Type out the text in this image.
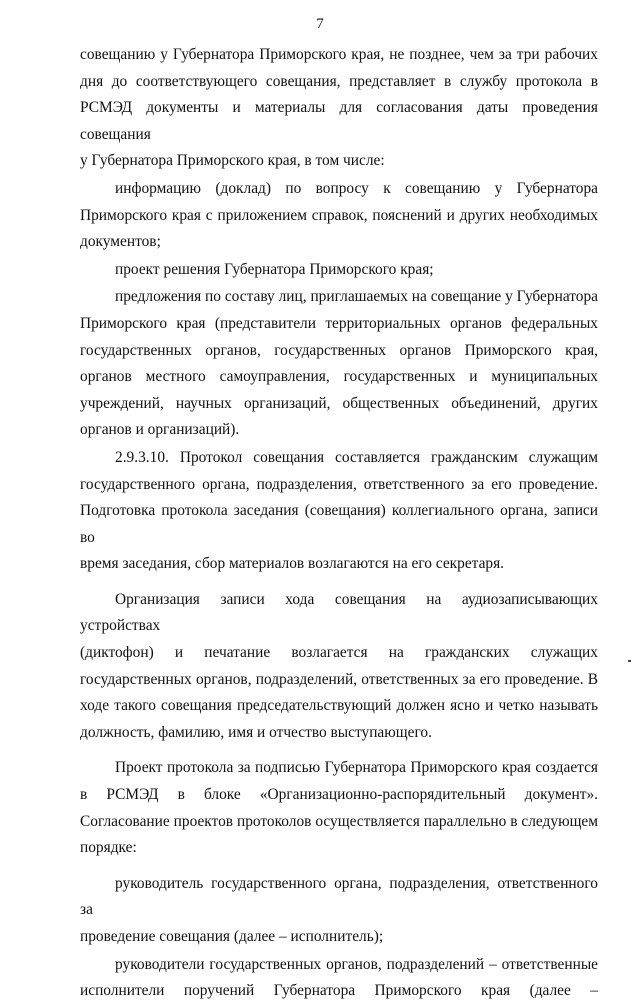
7
совещанию у Губернатора Приморского края, не позднее, чем за три рабочих
дня до соответствующего совещания, представляет в службу протокола в
РСМЭД документы и материалы для согласования даты проведения совещания
у Губернатора Приморского края, в том числе:
информацию (доклад) по вопросу к совещанию у Губернатора
Приморского края с приложением справок, пояснений и других необходимых
документов;
проект решения Губернатора Приморского края;
предложения по составу лиц, приглашаемых на совещание у Губернатора
Приморского края (представители территориальных органов федеральных
государственных органов, государственных органов Приморского края,
органов местного самоуправления, государственных и муниципальных
учреждений, научных организаций, общественных объединений, других
органов и организаций).
2.9.3.10. Протокол совещания составляется гражданским служащим
государственного органа, подразделения, ответственного за его проведение.
Подготовка протокола заседания (совещания) коллегиального органа, записи во
время заседания, сбор материалов возлагаются на его секретаря.
Организация записи хода совещания на аудиозаписывающих устройствах
(диктофон) и печатание возлагается на гражданских служащих
государственных органов, подразделений, ответственных за его проведение. В
ходе такого совещания председательствующий должен ясно и четко называть
должность, фамилию, имя и отчество выступающего.
Проект протокола за подписью Губернатора Приморского края создается
в РСМЭД в блоке «Организационно-распорядительный документ».
Согласование проектов протоколов осуществляется параллельно в следующем
порядке:
руководитель государственного органа, подразделения, ответственного за
проведение совещания (далее – исполнитель);
руководители государственных органов, подразделений – ответственные
исполнители поручений Губернатора Приморского края (далее –
